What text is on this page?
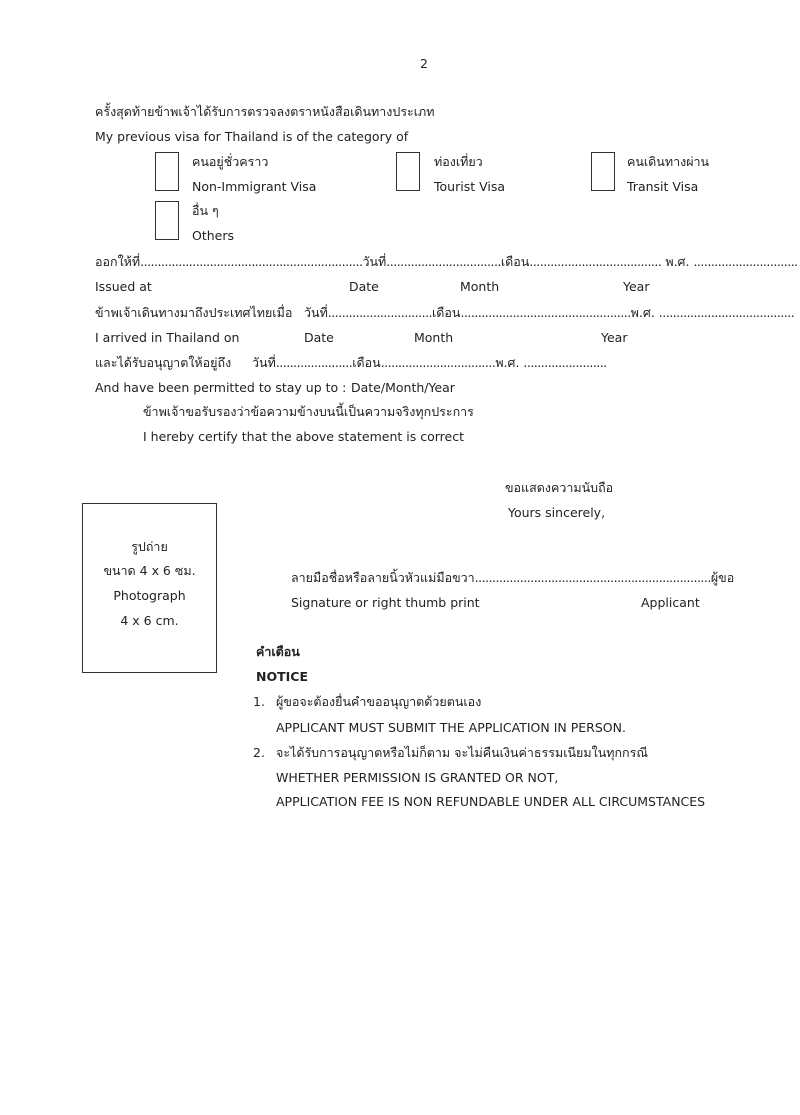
2
ครั้งสุดท้ายข้าพเจ้าได้รับการตรวจลงตราหนังสือเดินทางประเภท
My previous visa for Thailand is of the category of
คนอยู่ชั่วคราว
Non-Immigrant Visa
ท่องเที่ยว
Tourist Visa
คนเดินทางผ่าน
Transit Visa
อื่น ๆ
Others
ออกให้ที่................................................................วันที่.................................เดือน...................................... พ.ศ. ..............................
Issued at	Date	Month	Year
ข้าพเจ้าเดินทางมาถึงประเทศไทยเมื่อ วันที่..............................เดือน.................................................พ.ศ. .......................................
I arrived in Thailand on	Date	Month	Year
และได้รับอนุญาตให้อยู่ถึง วันที่......................เดือน.................................พ.ศ. ........................
And have been permitted to stay up to : Date/Month/Year
ข้าพเจ้าขอรับรองว่าข้อความข้างบนนี้เป็นความจริงทุกประการ
I hereby certify that the above statement is correct
ขอแสดงความนับถือ
Yours sincerely,
รูปถ่าย
ขนาด 4 x 6 ซม.
Photograph
4 x 6 cm.
ลายมือชื่อหรือลายนิ้วหัวแม่มือขวา....................................................................ผู้ขอ
Signature or right thumb print	Applicant
คำเตือน
NOTICE
1. ผู้ขอจะต้องยื่นคำขออนุญาตด้วยตนเอง
APPLICANT MUST SUBMIT THE APPLICATION IN PERSON.
2. จะได้รับการอนุญาตหรือไม่ก็ตาม จะไม่คืนเงินค่าธรรมเนียมในทุกกรณี
WHETHER PERMISSION IS GRANTED OR NOT,
APPLICATION FEE IS NON REFUNDABLE UNDER ALL CIRCUMSTANCES
